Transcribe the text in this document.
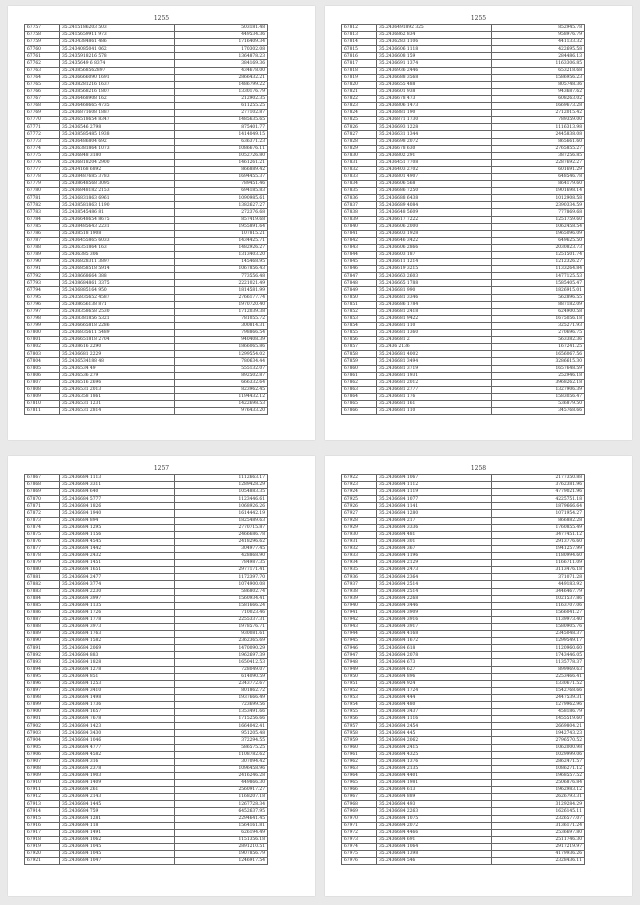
1255
67757	35.2415186203 503	503181.48
67758	35.2415659911 973	449534.36
67759	35.2434384861 486	1716409.34
67760	35.2434085041 062	170302.08
67761	35.2435918216 578	1364878.23
67762	35.2435649 6 8374	384169.36
67763	35.2438568562897	434678.00
67764	35.2436666090 1691	2866432.21
67765	35.2438281216 1637	1486799.22
67766	35.2438568216 1807	1330176.79
67767	35.2436468908 162	212902.35
67768	35.2436468665 4735	611255.25
67769	35.2436871608 1887	277102.87
67770	35.2436518654 8347	1485635.65
67771	35.2436546 2798	875401.77
67772	35.2438585485 1938	1414049.15
67773	35.2436486804 692	636371.23
67774	35.2436381864 1073	1086676.11
67775	35.2436848 3180	1052726.80
67776	35.2436818204 2900	1461261.21
67777	35.2434168 6892	866889.42
67778	35.2438487685 3783	1694455.37
67779	35.2438648568 3095	789451.46
67780	35.2436848182 2153	694185.83
67781	35.2436831863 6961	1090985.61
67782	35.2438581863 1190	1382627.27
67783	35.2438545486 81	272376.68
67784	35.2436648654 8675	857419.68
67785	35.2438485643 2231	1955891.64
67786	35.2438518 1908	107815.21
67787	35.2436455865 6033	1434425.71
67788	35.2436351864 163	1482926.27
67789	35.2436385 306	1313403.20
67790	35.2436828311 3897	145468.95
67791	35.2436858518 5914	1067856.43
67792	35.2438668664 388	773556.48
67793	35.2438684861 3375	2221021.49
67794	35.2436885164 950	1814581.99
67795	35.2435835652 4587	2766177.74
67796	35.2438656138 871	1970720.40
67797	35.2438358658 2530	1712039.38
67798	35.2438381856 5321	781055.72
67799	35.2436665818 2286	300814.31
67800	35.2436835611 5489	798866.54
67801	35.2436651818 2704	940408.39
67802	35.2438616 2290	1866065.86
67803	35.2436681 2229	1299554.02
67804	35.2436534188 48	780634.44
67805	35.2436534 49	555132.07
67806	35.2436536 279	892502.87
67807	35.2436516 2696	666332.64
67808	35.2436531 2013	823962.45
67809	35.2436358 1861	1194432.12
67810	35.2436531 1231	1422698.53
67811	35.2436531 2814	976433.20
1255
67812	35.2436491892 325	852945.78
67813	35.2436862 834	958976.79
67814	35.2436283 1106	441133.32
67815	35.2436606 1118	422695.58
67816	35.2436608 159	284486.13
67817	35.2436691 1374	1163306.85
67818	35.2436936 2446	653218.68
67819	35.2436688 3568	1586956.23
67820	35.2436655 488	805748.36
67821	35.2436601 938	943687.62
67822	35.2436678 473	608263.02
67823	35.2436806 1473	1669673.28
67824	35.2436881 190	2712015.42
67825	35.2436871 1730	789359.00
67826	35.2436693 1228	1116313.98
67827	35.2436631 1344	2445838.08
67828	35.2436698 2072	865661.60
67829	35.2436678 630	2765855.27
67830	35.2436802 291	387256.85
67831	35.2436451 7708	2287692.27
67832	35.2436403 2702	601691.29
67833	35.2436801 4907	648546.78
67834	35.2436606 568	864179.60
67835	35.2436686 7250	1901698.14
67836	35.2436688 6438	1012908.58
67837	35.2436689 4084	2390334.59
67838	35.2436648 5609	777869.68
67839	35.2436617 7222	1251759.60
67840	35.2436606 2000	1062458.54
67841	35.2436603 1928	1965096.09
67842	35.2436646 3422	649625.50
67843	35.2436606 2866	2030823.73
67844	35.2436603 187	1251501.74
67845	35.2436611 1214	1212326.27
67846	35.2436619 3215	1133264.84
67847	35.2436663 2603	1477125.53
67848	35.2436665 1788	1585405.47
67849	35.2436681 990	1826915.01
67850	35.2436681 3346	562896.55
67851	35.2436686 1784	887182.09
67852	35.2436681 2418	624900.58
67853	35.2436681 9422	1675056.18
67854	35.2436681 110	325271.93
67855	35.2436681 1360	270696.75
67856	35.2436681 2	563382.36
67857	35.2436 2136	167241.25
67858	35.2436681 4002	1656067.56
67859	35.2436681 3494	3286615.30
67860	35.2436681 3719	1657648.59
67861	35.2436681 1931	252946.18
67862	35.2436681 2012	3968262.18
67863	35.2436681 2777	1327906.39
67864	35.2436681 176	1583056.47
67865	35.2436681 161	536879.50
67866	35.2436681 110	345768.66
1257
67867	35.2436684 1113	1112663.17
67868	35.2436684 3311	1289428.29
67869	35.2436684 640	1054883.35
67870	35.2436684 5777	1123446.61
67871	35.2436684 1826	1068926.26
67872	35.2436684 1940	1614442.19
67873	35.2436684 894	1825489.63
67874	35.2436684 1295	2770715.87
67875	35.2436684 1156	2466686.78
67876	35.2436684 4545	2418296.62
67877	35.2436684 1442	304977.45
67878	35.2436684 2432	428868.90
67879	35.2436684 1451	784987.35
67880	35.2436684 1651	2977171.41
67881	35.2436684 2477	1172397.70
67882	35.2436684 3774	1074900.08
67883	35.2436684 2230	586802.74
67884	35.2436684 3997	1560934.41
67885	35.2436684 1135	1581666.24
67886	35.2436684 1726	710023.46
67887	35.2436684 1778	2255337.31
67888	35.2436684 3973	1978576.71
67889	35.2436684 1763	930081.61
67890	35.2436684 1582	2362365.69
67891	35.2436684 2069	1470090.29
67892	35.2436684 883	1962697.39
67893	35.2436684 1828	1650412.53
67894	35.2436684 1278	728049.07
67895	35.2436684 851	614090.59
67896	35.2436684 1253	2343772.67
67897	35.2436684 3410	801862.72
67898	35.2436684 1498	1937666.49
67899	35.2436684 1736	723699.56
67900	35.2436684 1657	1353491.66
67901	35.2436684 7678	1715256.66
67902	35.2436684 1423	1664042.41
67903	35.2436684 3430	951205.48
67904	35.2436684 1046	372294.55
67905	35.2436684 4777	586575.25
67906	35.2436684 4582	1108782.62
67907	35.2436684 316	307094.42
67908	35.2436684 2378	1096458.96
67909	35.2436684 1903	2416246.28
67910	35.2436684 1409	449866.30
67911	35.2436684 261	2560917.27
67912	35.2436684 2143	1168207.18
67913	35.2436684 1445	1267728.34
67914	35.2436684 759	6452637.95
67915	35.2436684 1281	2294641.45
67916	35.2436684 118	1564161.81
67917	35.2436684 1491	626194.49
67918	35.2436684 1062	1151356.18
67919	35.2436684 1045	2891210.51
67920	35.2436684 1045	1907856.79
67921	35.2436684 1047	1246917.54
1258
67922	35.2436684 1067	2177350.88
67923	35.2436684 1112	3762381.96
67924	35.2436684 1119	4779021.96
67925	35.2436684 1077	4225751.18
67926	35.2436684 1141	1879666.64
67927	35.2436684 1280	1071954.27
67928	35.2436684 217	866882.28
67929	35.2436684 3336	1760855.49
67930	35.2436684 481	3477451.12
67931	35.2436684 301	2913776.60
67932	35.2436684 367	1941257.99
67933	35.2436684 1196	1180994.60
67934	35.2436684 2129	1166711.09
67935	35.2436684 2473	3113476.18
67936	35.2436684 2364	371071.28
67937	35.2436684 2514	449183.92
67938	35.2436684 2514	3446467.79
67939	35.2436684 2268	1021537.86
67940	35.2436684 3446	1163707.06
67941	35.2436684 3909	1566041.27
67942	35.2436684 3916	1139973.40
67943	35.2436684 3917	1580905.76
67944	35.2436684 4168	2345048.37
67945	35.2436684 1672	1299549.17
67946	35.2436684 618	1120960.60
67947	35.2436684 2078	1743446.05
67948	35.2436684 673	1135778.37
67949	35.2436684 627	899969.63
67950	35.2436684 896	2253466.41
67951	35.2436684 924	1330671.52
67952	35.2436684 1724	1542768.66
67953	35.2436684 444	2447539.31
67954	35.2436684 480	1279962.96
67955	35.2436684 3437	458186.79
67956	35.2436684 1116	1455519.60
67957	35.2436684 2454	2669804.21
67958	35.2436684 445	1942743.23
67959	35.2436684 2062	2796570.52
67960	35.2436684 2415	1062000.98
67961	35.2436684 4325	1029999.06
67962	35.2436684 1376	2862471.57
67963	35.2436684 2135	1086271.12
67964	35.2436684 4401	1968557.52
67965	35.2436684 1981	2506876.84
67966	35.2436684 613	1962983.12
67967	35.2436684 889	2626793.31
67968	35.2436684 493	3129284.29
67969	35.2436684 2263	1626145.11
67970	35.2436684 1075	2326577.07
67971	35.2436684 2072	3136171.24
67972	35.2436684 4466	2536697.80
67973	35.2436684 691	2511746.30
67974	35.2436684 1064	2917219.97
67975	35.2436684 1398	4179936.26
67976	35.2436684 546	2328436.11
